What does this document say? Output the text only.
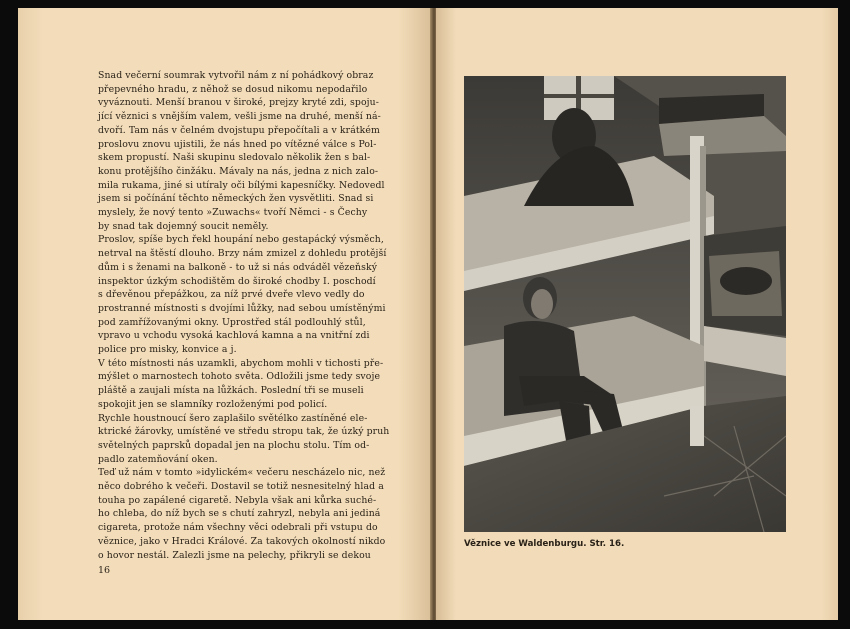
Snad večerní soumrak vytvořil nám z ní pohádkový obraz
přepevného hradu, z něhož se dosud nikomu nepodařilo
vyváznouti. Menší branou v široké, prejzy kryté zdi, spoju-
jící věznici s vnějším valem, vešli jsme na druhé, menší ná-
dvoří. Tam nás v čelném dvojstupu přepočítali a v krátkém
proslovu znovu ujistili, že nás hned po vítězné válce s Pol-
skem propustí. Naši skupinu sledovalo několik žen s bal-
konu protějšího činžáku. Mávaly na nás, jedna z nich zalo-
mila rukama, jiné si utíraly oči bílými kapesníčky. Nedovedl
jsem si počínání těchto německých žen vysvětliti. Snad si
myslely, že nový tento »Zuwachs« tvoří Němci - s Čechy
by snad tak dojemný soucit neměly.
Proslov, spíše bych řekl houpání nebo gestapácký výsměch,
netrval na štěstí dlouho. Brzy nám zmizel z dohledu protější
dům i s ženami na balkoně - to už si nás odváděl vězeňský
inspektor úzkým schodištěm do široké chodby I. poschodí
s dřevěnou přepážkou, za níž prvé dveře vlevo vedly do
prostranné místnosti s dvojími lůžky, nad sebou umístěnými
pod zamřížovanými okny. Uprostřed stál podlouhlý stůl,
vpravo u vchodu vysoká kachlová kamna a na vnitřní zdi
police pro misky, konvice a j.
V této místnosti nás uzamkli, abychom mohli v tichosti pře-
mýšlet o marnostech tohoto světa. Odložili jsme tedy svoje
pláště a zaujali místa na lůžkách. Poslední tři se museli
spokojit jen se slamníky rozloženými pod policí.
Rychle houstnoucí šero zaplašilo světélko zastíněné ele-
ktrické žárovky, umístěné ve středu stropu tak, že úzký pruh
světelných paprsků dopadal jen na plochu stolu. Tím od-
padlo zatemňování oken.
Teď už nám v tomto »idylickém« večeru nescházelo nic, než
něco dobrého k večeři. Dostavil se totiž nesnesitelný hlad a
touha po zapálené cigaretě. Nebyla však ani kůrka suché-
ho chleba, do níž bych se s chutí zahryzl, nebyla ani jediná
cigareta, protože nám všechny věci odebrali při vstupu do
věznice, jako v Hradci Králové. Za takových okolností nikdo
o hovor nestál. Zalezli jsme na pelechy, přikryli se dekou
16
Věznice ve Waldenburgu. Str. 16.
